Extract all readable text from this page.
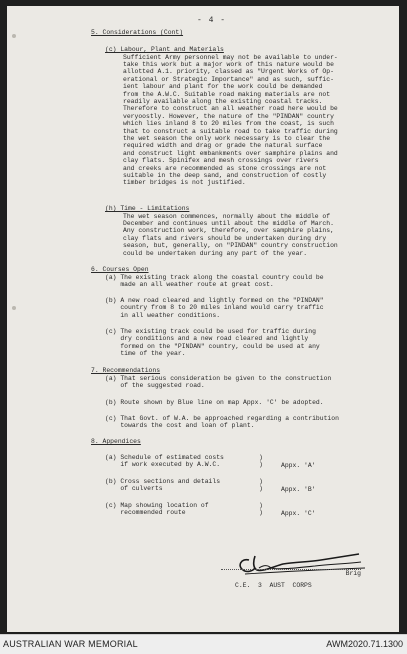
- 4 -
5. Considerations (Cont)
(c) Labour, Plant and Materials
Sufficient Army personnel may not be available to under-
take this work but a major work of this nature would be
allotted A.1. priority, classed as "Urgent Works of Op-
erational or Strategic Importance" and as such, suffic-
ient labour and plant for the work could be demanded
from the A.W.C. Suitable road making materials are not
readily available along the existing coastal tracks.
Therefore to construct an all weather road here would be
veryoostly. However, the nature of the "PINDAN" country
which lies inland 8 to 20 miles from the coast, is such
that to construct a suitable road to take traffic during
the wet season the only work necessary is to clear the
required width and drag or grade the natural surface
and construct light embankments over samphire plains and
clay flats. Spinifex and mesh crossings over rivers
and creeks are recommended as stone crossings are not
suitable in the deep sand, and construction of costly
timber bridges is not justified.
(h) Time - Limitations
The wet season commences, normally about the middle of
December and continues until about the middle of March.
Any construction work, therefore, over samphire plains,
clay flats and rivers should be undertaken during dry
season, but, generally, on "PINDAN" country construction
could be undertaken during any part of the year.
6. Courses Open
(a) The existing track along the coastal country could be
made an all weather route at great cost.
(b) A new road cleared and lightly formed on the "PINDAN"
country from 8 to 20 miles inland would carry traffic
in all weather conditions.
(c) The existing track could be used for traffic during
dry conditions and a new road cleared and lightly
formed on the "PINDAN" country, could be used at any
time of the year.
7. Recommendations
(a) That serious consideration be given to the construction
of the suggested road.
(b) Route shown by Blue line on map Appx. 'C' be adopted.
(c) That Govt. of W.A. be approached regarding a contribution
towards the cost and loan of plant.
8. Appendices
(a) Schedule of estimated costs
if work executed by A.W.C.
)
)	Appx. 'A'
(b) Cross sections and details
of culverts
)
)	Appx. 'B'
(c) Map showing location of
recommended route
)
)	Appx. 'C'
Brig
C.E.  3  AUST  CORPS
AUSTRALIAN WAR MEMORIAL	AWM2020.71.1300
